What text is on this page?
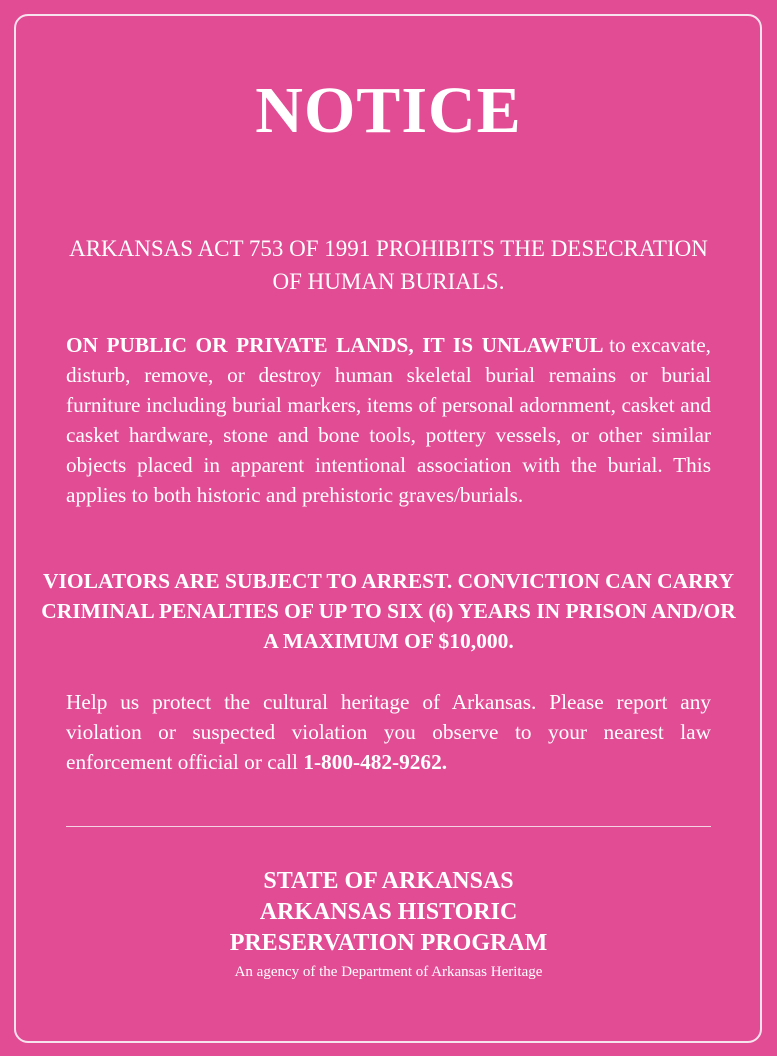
NOTICE
ARKANSAS ACT 753 OF 1991 PROHIBITS THE DESECRATION OF HUMAN BURIALS.
ON PUBLIC OR PRIVATE LANDS, IT IS UNLAWFUL to excavate, disturb, remove, or destroy human skeletal burial remains or burial furniture including burial markers, items of personal adornment, casket and casket hardware, stone and bone tools, pottery vessels, or other similar objects placed in apparent intentional association with the burial. This applies to both historic and prehistoric graves/burials.
VIOLATORS ARE SUBJECT TO ARREST. CONVICTION CAN CARRY CRIMINAL PENALTIES OF UP TO SIX (6) YEARS IN PRISON AND/OR A MAXIMUM OF $10,000.
Help us protect the cultural heritage of Arkansas. Please report any violation or suspected violation you observe to your nearest law enforcement official or call 1-800-482-9262.
STATE OF ARKANSAS
ARKANSAS HISTORIC
PRESERVATION PROGRAM
An agency of the Department of Arkansas Heritage
